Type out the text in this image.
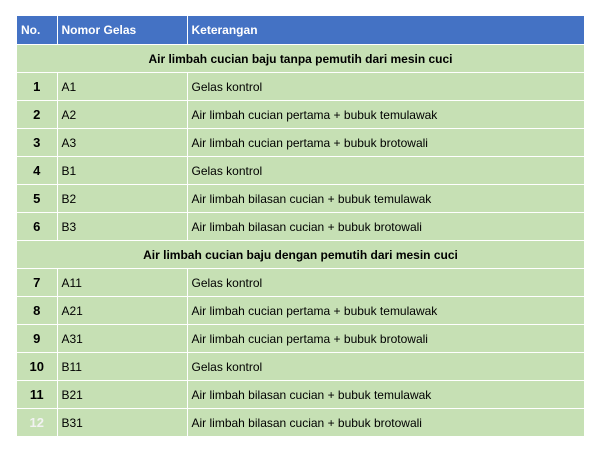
No.	Nomor Gelas	Keterangan
Air limbah cucian baju tanpa pemutih dari mesin cuci		
1	A1	Gelas kontrol
2	A2	Air limbah cucian pertama + bubuk temulawak
3	A3	Air limbah cucian pertama + bubuk brotowali
4	B1	Gelas kontrol
5	B2	Air limbah bilasan cucian + bubuk temulawak
6	B3	Air limbah bilasan cucian + bubuk brotowali
Air limbah cucian baju dengan pemutih dari mesin cuci		
7	A11	Gelas kontrol
8	A21	Air limbah cucian pertama + bubuk temulawak
9	A31	Air limbah cucian pertama + bubuk brotowali
10	B11	Gelas kontrol
11	B21	Air limbah bilasan cucian + bubuk temulawak
12	B31	Air limbah bilasan cucian + bubuk brotowali
